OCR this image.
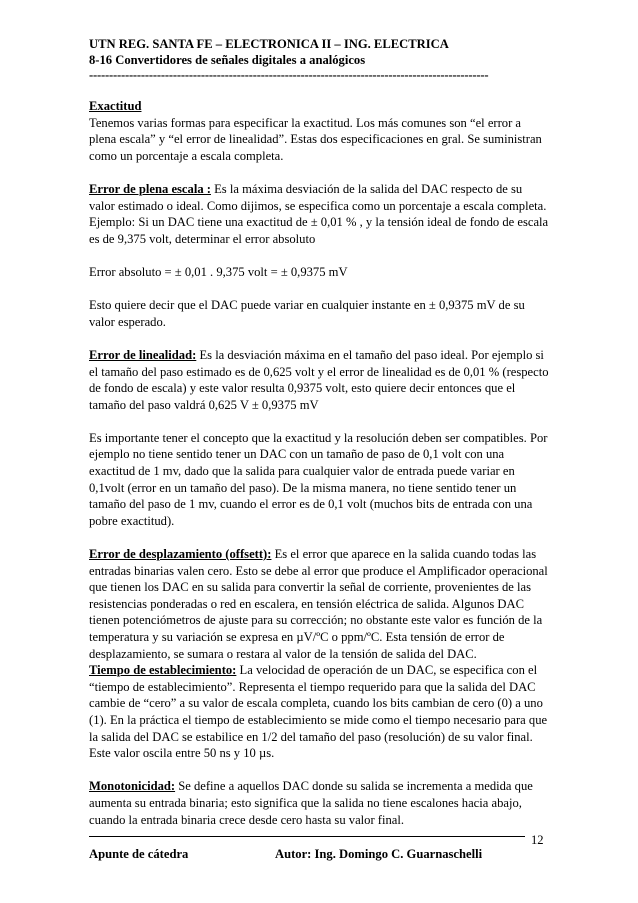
UTN REG. SANTA FE – ELECTRONICA II – ING. ELECTRICA
8-16 Convertidores de señales digitales a analógicos
----------------------------------------------------------------------------------------------------

Exactitud
Tenemos varias formas para especificar la exactitud. Los más comunes son “el error a plena escala” y “el error de linealidad”. Estas dos especificaciones en gral. Se suministran como un porcentaje a escala completa.

Error de plena escala : Es la máxima desviación de la salida del DAC respecto de su valor estimado o ideal. Como dijimos, se especifica como un porcentaje a escala completa.
Ejemplo: Si un DAC tiene una exactitud de ± 0,01 % , y la tensión ideal de fondo de escala es de 9,375 volt, determinar el error absoluto

Error absoluto = ± 0,01 . 9,375 volt = ± 0,9375 mV

Esto quiere decir que el DAC puede variar en cualquier instante en ± 0,9375 mV de su valor esperado.

Error de linealidad: Es la desviación máxima en el tamaño del paso ideal. Por ejemplo si el tamaño del paso estimado es de 0,625 volt y el error de linealidad es de 0,01 % (respecto de fondo de escala) y este valor resulta 0,9375 volt, esto quiere decir entonces que el tamaño del paso valdrá 0,625 V ± 0,9375 mV

Es importante tener el concepto que la exactitud y la resolución deben ser compatibles. Por ejemplo no tiene sentido tener un DAC con un tamaño de paso de 0,1 volt con una exactitud de 1 mv, dado que la salida para cualquier valor de entrada puede variar en 0,1volt (error en un tamaño del paso). De la misma manera, no tiene sentido tener un tamaño del paso de 1 mv, cuando el error es de 0,1 volt (muchos bits de entrada con una pobre exactitud).

Error de desplazamiento (offsett): Es el error que aparece en la salida cuando todas las entradas binarias valen cero. Esto se debe al error que produce el Amplificador operacional que tienen los DAC en su salida para convertir la señal de corriente, provenientes de las resistencias ponderadas o red en escalera, en tensión eléctrica de salida. Algunos DAC tienen potenciómetros de ajuste para su corrección; no obstante este valor es función de la temperatura y su variación se expresa en µV/ºC o ppm/ºC. Esta tensión de error de desplazamiento, se sumara o restara al valor de la tensión de salida del DAC.

Tiempo de establecimiento: La velocidad de operación de un DAC, se especifica con el “tiempo de establecimiento”. Representa el tiempo requerido para que la salida del DAC cambie de “cero” a su valor de escala completa, cuando los bits cambian de cero (0) a uno (1). En la práctica el tiempo de establecimiento se mide como el tiempo necesario para que la salida del DAC se estabilice en 1/2 del tamaño del paso (resolución) de su valor final. Este valor oscila entre 50 ns y 10 µs.

Monotonicidad: Se define a aquellos DAC donde su salida se incrementa a medida que aumenta su entrada binaria; esto significa que la salida no tiene escalones hacia abajo, cuando la entrada binaria crece desde cero hasta su valor final.

12
Apunte de cátedra	Autor: Ing. Domingo C. Guarnaschelli
